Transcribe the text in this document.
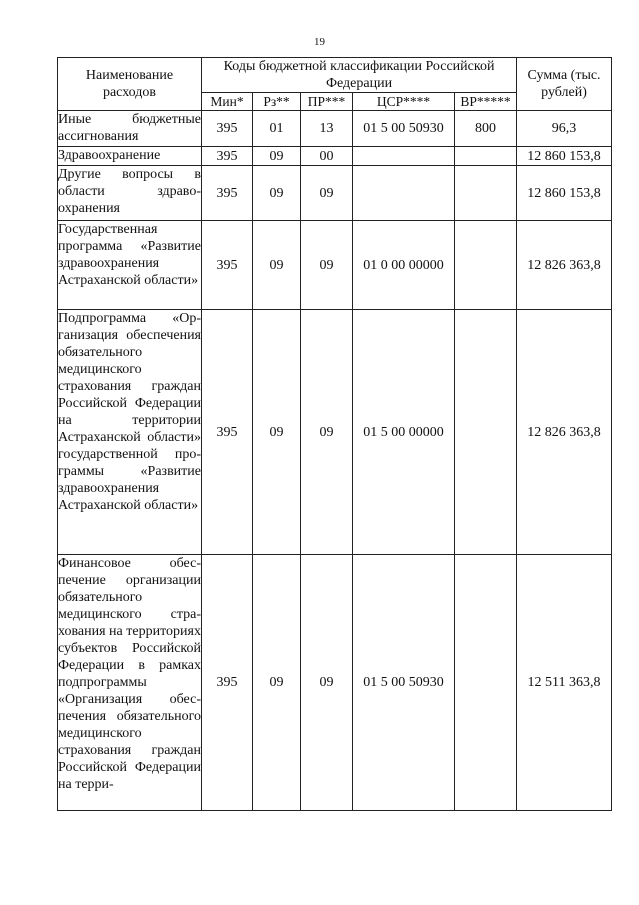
19
Наименование расходов	Коды бюджетной классификации Российской Федерации					Сумма (тыс. рублей)
	Мин*	Рз**	ПР***	ЦСР****	ВР*****	
Иные бюджетные ассигнования	395	01	13	01 5 00 50930	800	96,3
Здравоохранение	395	09	00			12 860 153,8
Другие вопросы в области здравоохранения	395	09	09			12 860 153,8
Государственная программа «Развитие здравоохранения Астраханской области»	395	09	09	01 0 00 00000		12 826 363,8
Подпрограмма «Организация обеспечения обязательного медицинского страхования граждан Российской Федерации на территории Астраханской области» государственной программы «Развитие здравоохранения Астраханской области»	395	09	09	01 5 00 00000		12 826 363,8
Финансовое обеспечение организации обязательного медицинского страхования на территориях субъектов Российской Федерации в рамках подпрограммы «Организация обеспечения обязательного медицинского страхования граждан Российской Федерации на терри-	395	09	09	01 5 00 50930		12 511 363,8
